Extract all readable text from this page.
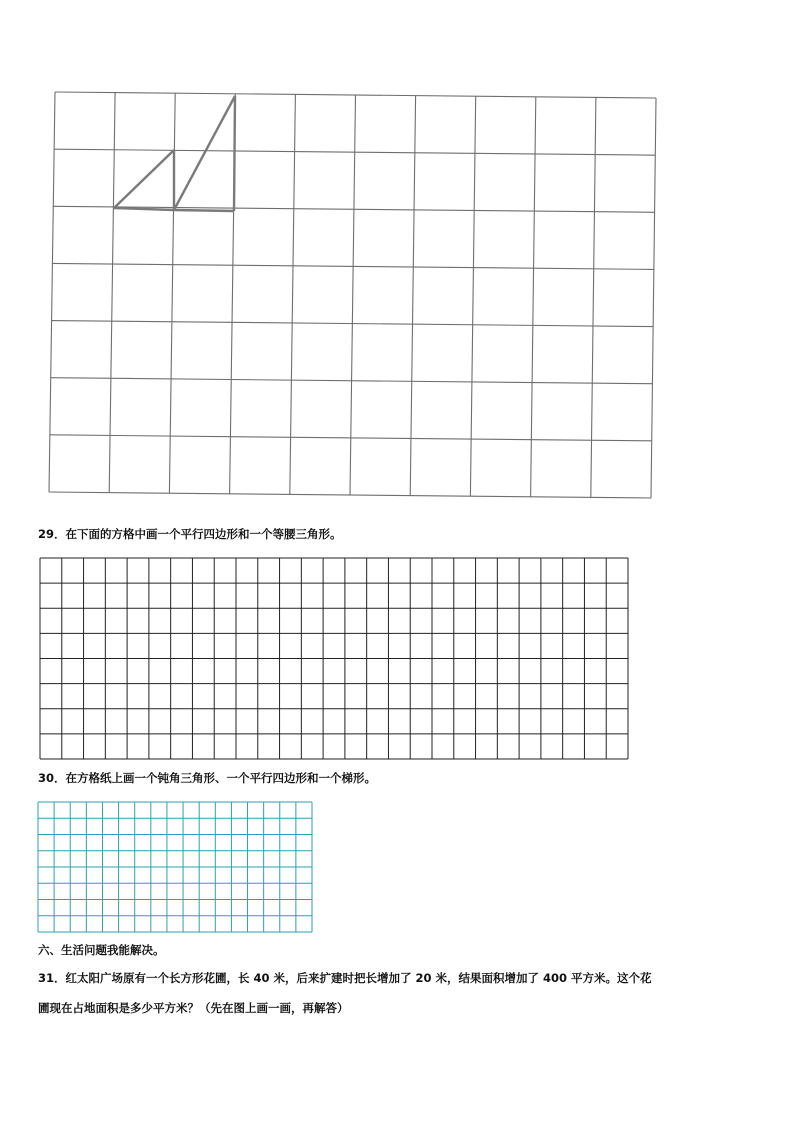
29．在下面的方格中画一个平行四边形和一个等腰三角形。
30．在方格纸上画一个钝角三角形、一个平行四边形和一个梯形。
六、生活问题我能解决。
31．红太阳广场原有一个长方形花圃，长 40 米，后来扩建时把长增加了 20 米，结果面积增加了 400 平方米。这个花
圃现在占地面积是多少平方米？（先在图上画一画，再解答）
